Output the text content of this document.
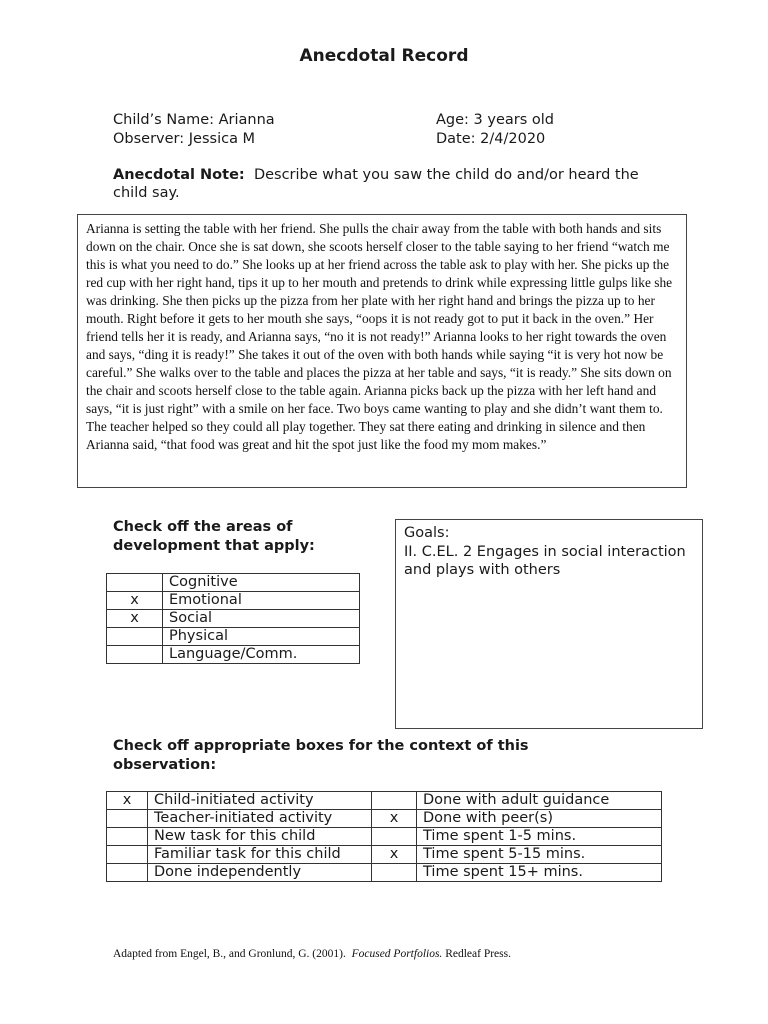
Anecdotal Record
Child’s Name: Arianna
Observer: Jessica M
Age: 3 years old
Date: 2/4/2020
Anecdotal Note: Describe what you saw the child do and/or heard the child say.
Arianna is setting the table with her friend. She pulls the chair away from the table with both hands and sits down on the chair. Once she is sat down, she scoots herself closer to the table saying to her friend “watch me this is what you need to do.” She looks up at her friend across the table ask to play with her. She picks up the red cup with her right hand, tips it up to her mouth and pretends to drink while expressing little gulps like she was drinking. She then picks up the pizza from her plate with her right hand and brings the pizza up to her mouth. Right before it gets to her mouth she says, “oops it is not ready got to put it back in the oven.” Her friend tells her it is ready, and Arianna says, “no it is not ready!” Arianna looks to her right towards the oven and says, “ding it is ready!” She takes it out of the oven with both hands while saying “it is very hot now be careful.” She walks over to the table and places the pizza at her table and says, “it is ready.” She sits down on the chair and scoots herself close to the table again. Arianna picks back up the pizza with her left hand and says, “it is just right” with a smile on her face. Two boys came wanting to play and she didn’t want them to. The teacher helped so they could all play together. They sat there eating and drinking in silence and then Arianna said, “that food was great and hit the spot just like the food my mom makes.”
Check off the areas of development that apply:
	Cognitive
x	Emotional
x	Social
	Physical
	Language/Comm.
Goals:
II. C.EL. 2 Engages in social interaction and plays with others
Check off appropriate boxes for the context of this observation:
x	Child-initiated activity		Done with adult guidance
	Teacher-initiated activity	x	Done with peer(s)
	New task for this child		Time spent 1-5 mins.
	Familiar task for this child	x	Time spent 5-15 mins.
	Done independently		Time spent 15+ mins.
Adapted from Engel, B., and Gronlund, G. (2001). Focused Portfolios. Redleaf Press.
